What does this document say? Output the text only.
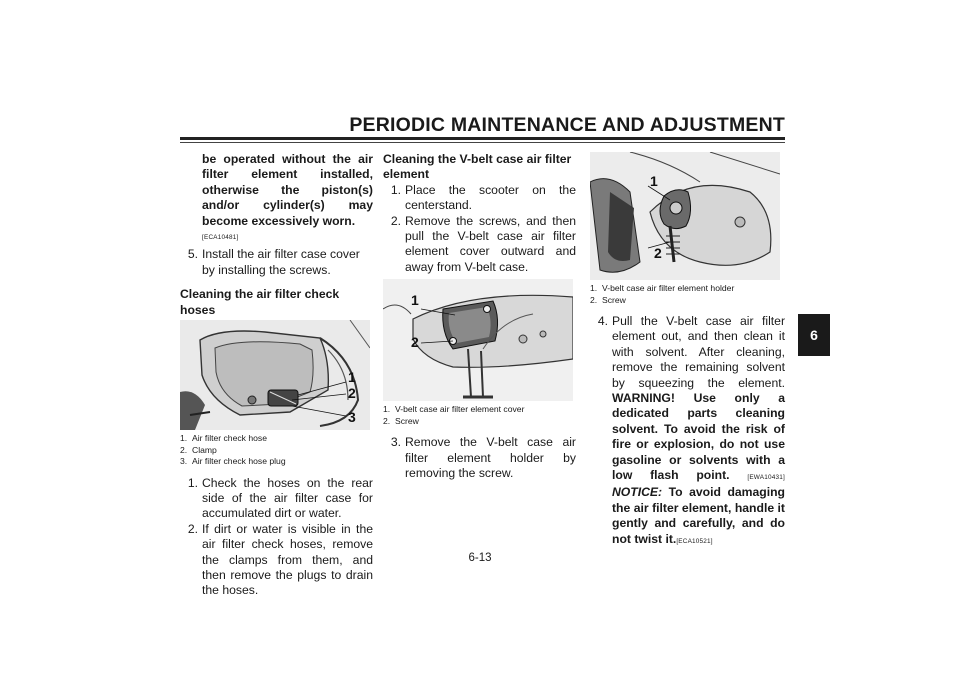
PERIODIC MAINTENANCE AND ADJUSTMENT
6

be operated without the air filter element installed, otherwise the piston(s) and/or cylinder(s) may become excessively worn.

[ECA10481]
5. Install the air filter case cover by installing the screws.

Cleaning the air filter check hoses

1
2
3
1. Air filter check hose
2. Clamp
3. Air filter check hose plug
1. Check the hoses on the rear side of the air filter case for accumulated dirt or water.
2. If dirt or water is visible in the air filter check hoses, remove the clamps from them, and then remove the plugs to drain the hoses.

Cleaning the V-belt case air filter element

1. Place the scooter on the centerstand.
2. Remove the screws, and then pull the V-belt case air filter element cover outward and away from V-belt case.
1
2
1. V-belt case air filter element cover
2. Screw
3. Remove the V-belt case air filter element holder by removing the screw.
1
2
1. V-belt case air filter element holder
2. Screw
4. Pull the V-belt case air filter element out, and then clean it with solvent. After cleaning, remove the remaining solvent by squeezing the element. WARNING! Use only a dedicated parts cleaning solvent. To avoid the risk of fire or explosion, do not use gasoline or solvents with a low flash point.	[EWA10431] NOTICE: To avoid damaging the air filter element, handle it gently and carefully, and do not twist it.[ECA10521]
6-13
